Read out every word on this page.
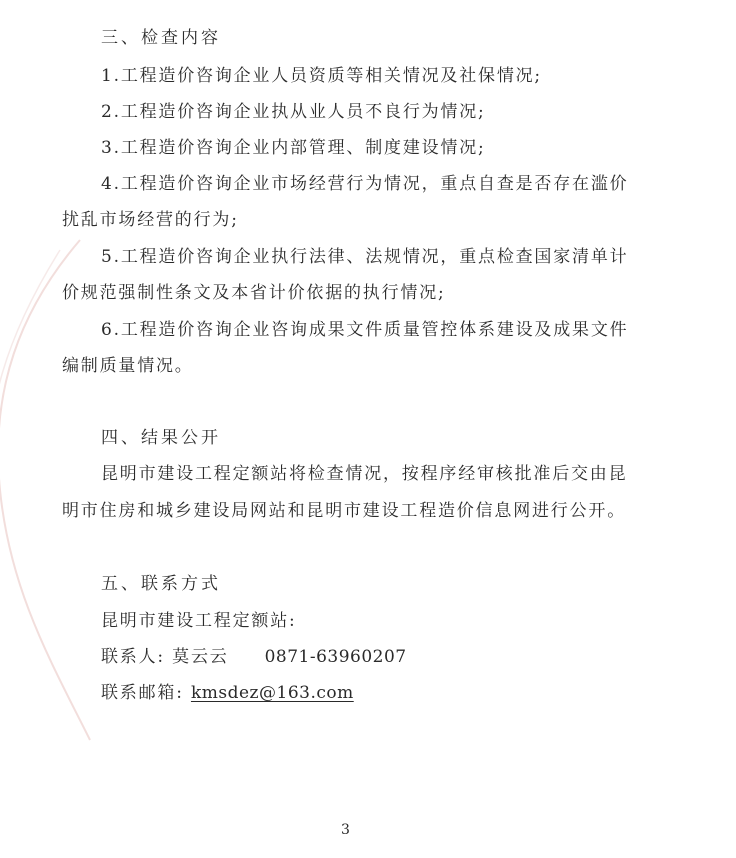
三、检查内容
1.工程造价咨询企业人员资质等相关情况及社保情况;
2.工程造价咨询企业执从业人员不良行为情况;
3.工程造价咨询企业内部管理、制度建设情况;
4.工程造价咨询企业市场经营行为情况，重点自查是否存在滥价
扰乱市场经营的行为;
5.工程造价咨询企业执行法律、法规情况，重点检查国家清单计
价规范强制性条文及本省计价依据的执行情况;
6.工程造价咨询企业咨询成果文件质量管控体系建设及成果文件
编制质量情况。
四、结果公开
昆明市建设工程定额站将检查情况，按程序经审核批准后交由昆
明市住房和城乡建设局网站和昆明市建设工程造价信息网进行公开。
五、联系方式
昆明市建设工程定额站:
联系人: 莫云云 0871-63960207
联系邮箱: kmsdez@163.com
3
